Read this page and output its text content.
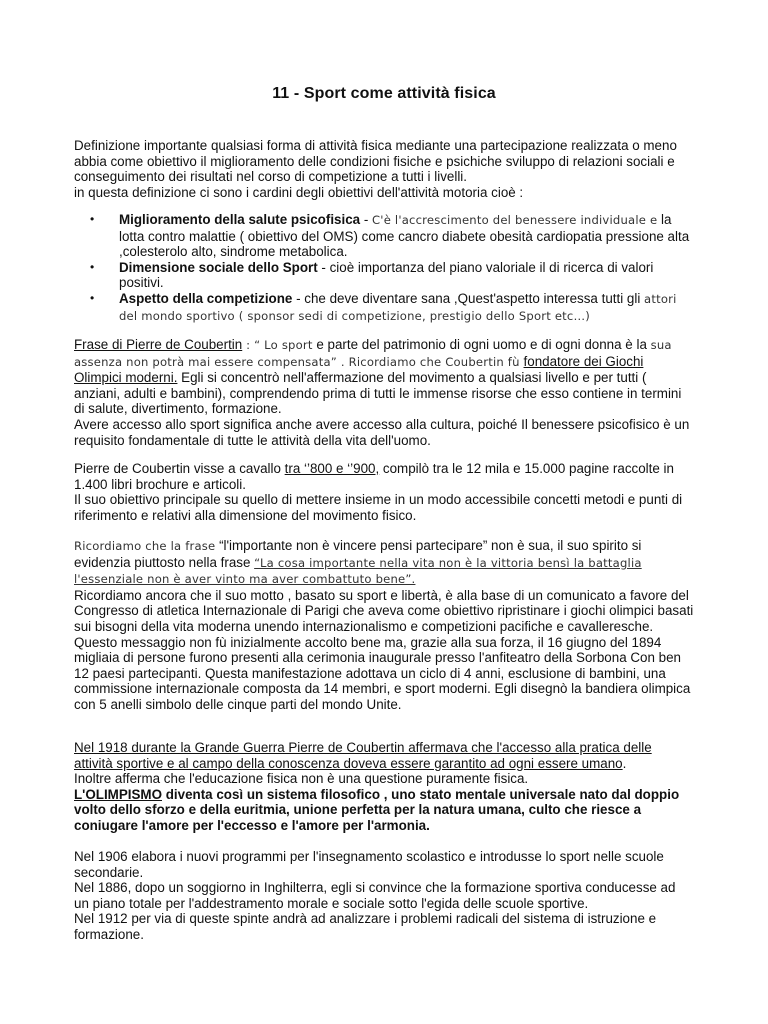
11 - Sport come attività fisica

Definizione importante qualsiasi forma di attività fisica mediante una partecipazione realizzata o meno abbia come obiettivo il miglioramento delle condizioni fisiche e psichiche sviluppo di relazioni sociali e conseguimento dei risultati nel corso di competizione a tutti i livelli.

in questa definizione ci sono i cardini degli obiettivi dell'attività motoria cioè :

• Miglioramento della salute psicofisica - C'è l'accrescimento del benessere individuale e la lotta contro malattie ( obiettivo del OMS) come cancro diabete obesità cardiopatia pressione alta ,colesterolo alto, sindrome metabolica.
• Dimensione sociale dello Sport - cioè importanza del piano valoriale il di ricerca di valori positivi.
• Aspetto della competizione - che deve diventare sana ,Quest'aspetto interessa tutti gli attori del mondo sportivo ( sponsor sedi di competizione, prestigio dello Sport etc…)

Frase di Pierre de Coubertin : “ Lo sport e parte del patrimonio di ogni uomo e di ogni donna è la sua assenza non potrà mai essere compensata” . Ricordiamo che Coubertin fù fondatore dei Giochi Olimpici moderni. Egli si concentrò nell'affermazione del movimento a qualsiasi livello e per tutti ( anziani, adulti e bambini), comprendendo prima di tutti le immense risorse che esso contiene in termini di salute, divertimento, formazione.

Avere accesso allo sport significa anche avere accesso alla cultura, poiché Il benessere psicofisico è un requisito fondamentale di tutte le attività della vita dell'uomo.

Pierre de Coubertin visse a cavallo tra ‘’800 e ‘’900, compilò tra le 12 mila e 15.000 pagine raccolte in 1.400 libri brochure e articoli.

Il suo obiettivo principale su quello di mettere insieme in un modo accessibile concetti metodi e punti di riferimento e relativi alla dimensione del movimento fisico.

Ricordiamo che la frase “l'importante non è vincere pensi partecipare” non è sua, il suo spirito si evidenzia piuttosto nella frase “La cosa importante nella vita non è la vittoria bensì la battaglia l'essenziale non è aver vinto ma aver combattuto bene”.

Ricordiamo ancora che il suo motto , basato su sport e libertà, è alla base di un comunicato a favore del Congresso di atletica Internazionale di Parigi che aveva come obiettivo ripristinare i giochi olimpici basati sui bisogni della vita moderna unendo internazionalismo e competizioni pacifiche e cavalleresche.

Questo messaggio non fù inizialmente accolto bene ma, grazie alla sua forza, il 16 giugno del 1894 migliaia di persone furono presenti alla cerimonia inaugurale presso l'anfiteatro della Sorbona Con ben 12 paesi partecipanti. Questa manifestazione adottava un ciclo di 4 anni, esclusione di bambini, una commissione internazionale composta da 14 membri, e sport moderni. Egli disegnò la bandiera olimpica con 5 anelli simbolo delle cinque parti del mondo Unite.

Nel 1918 durante la Grande Guerra Pierre de Coubertin affermava che l'accesso alla pratica delle attività sportive e al campo della conoscenza doveva essere garantito ad ogni essere umano.

Inoltre afferma che l'educazione fisica non è una questione puramente fisica.

L'OLIMPISMO diventa così un sistema filosofico , uno stato mentale universale nato dal doppio volto dello sforzo e della euritmia, unione perfetta per la natura umana, culto che riesce a coniugare l'amore per l'eccesso e l'amore per l'armonia.

Nel 1906 elabora i nuovi programmi per l'insegnamento scolastico e introdusse lo sport nelle scuole secondarie.

Nel 1886, dopo un soggiorno in Inghilterra, egli si convince che la formazione sportiva conducesse ad un piano totale per l'addestramento morale e sociale sotto l'egida delle scuole sportive.

Nel 1912 per via di queste spinte andrà ad analizzare i problemi radicali del sistema di istruzione e formazione.
